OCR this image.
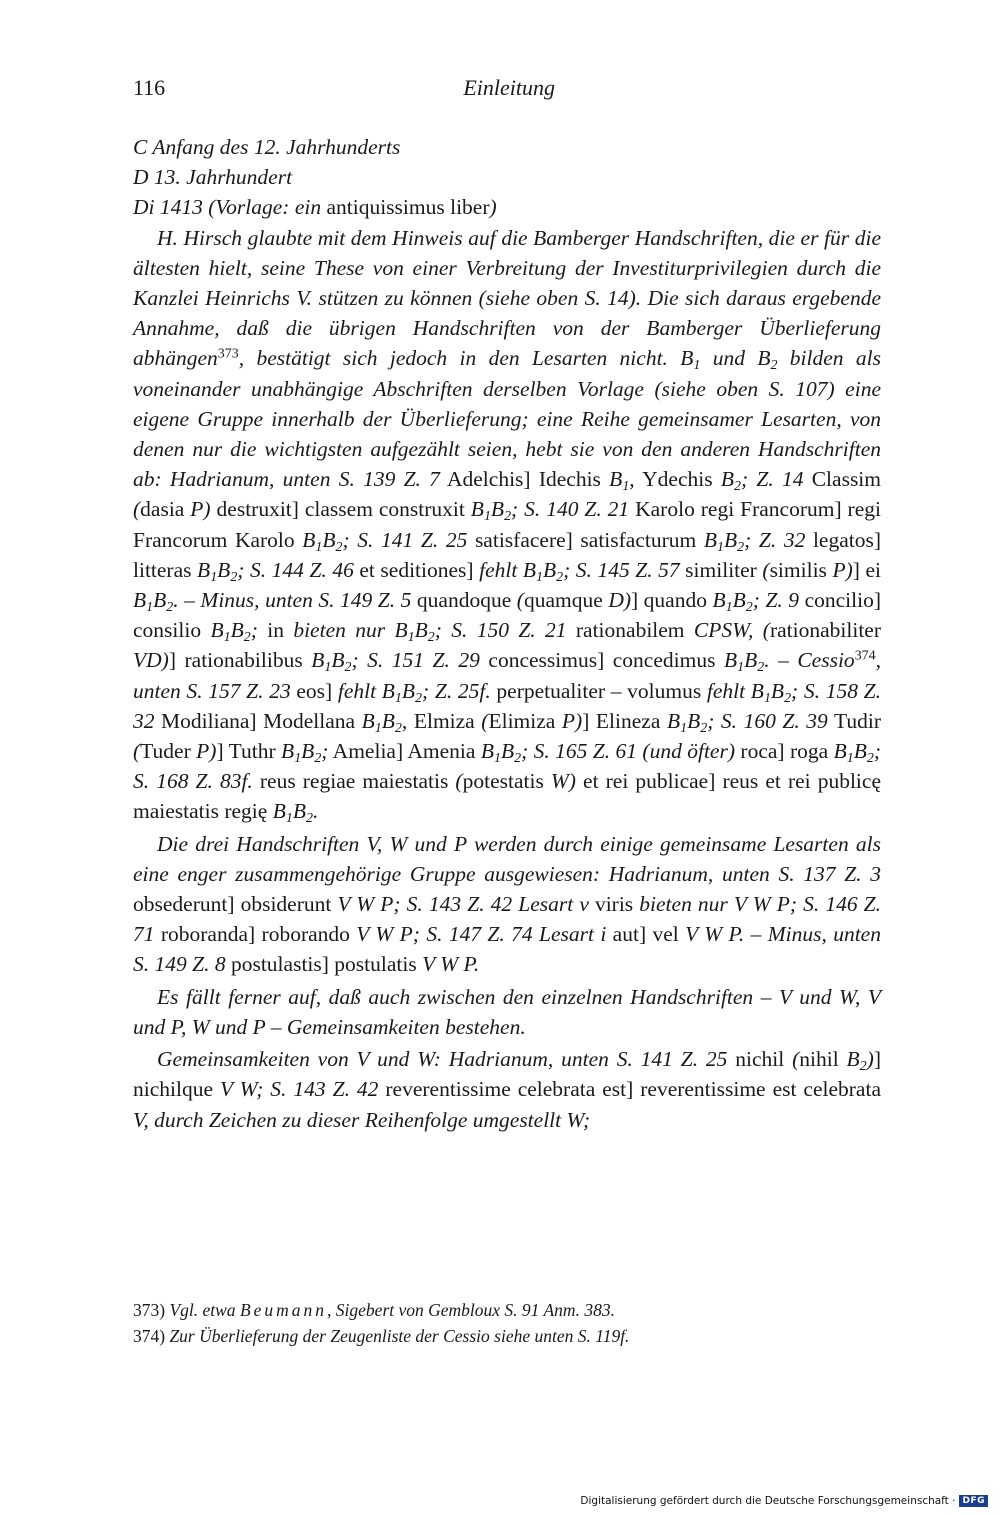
116	Einleitung

C Anfang des 12. Jahrhunderts

D 13. Jahrhundert

Di 1413 (Vorlage: ein antiquissimus liber)

H. Hirsch glaubte mit dem Hinweis auf die Bamberger Handschriften, die er für die ältesten hielt, seine These von einer Verbreitung der Investiturprivilegien durch die Kanzlei Heinrichs V. stützen zu können (siehe oben S. 14). Die sich daraus ergebende Annahme, daß die übrigen Handschriften von der Bamberger Überlieferung abhängen$^{373}$, bestätigt sich jedoch in den Lesarten nicht. $B_1$ und $B_2$ bilden als voneinander unabhängige Abschriften derselben Vorlage (siehe oben S. 107) eine eigene Gruppe innerhalb der Überlieferung; eine Reihe gemeinsamer Lesarten, von denen nur die wichtigsten aufgezählt seien, hebt sie von den anderen Handschriften ab: Hadrianum, unten S. 139 Z. 7 Adelchis] Idechis $B_1$, Ydechis $B_2$; Z. 14 Classim (dasia P) destruxit] classem construxit $B_1B_2$; S. 140 Z. 21 Karolo regi Francorum] regi Francorum Karolo $B_1B_2$; S. 141 Z. 25 satisfacere] satisfacturum $B_1B_2$; Z. 32 legatos] litteras $B_1B_2$; S. 144 Z. 46 et seditiones] fehlt $B_1B_2$; S. 145 Z. 57 similiter (similis P)] ei $B_1B_2$. – Minus, unten S. 149 Z. 5 quandoque (quamque D)] quando $B_1B_2$; Z. 9 concilio] consilio $B_1B_2$; in bieten nur $B_1B_2$; S. 150 Z. 21 rationabilem CPSW, (rationabiliter VD)] rationabilibus $B_1B_2$; S. 151 Z. 29 concessimus] concedimus $B_1B_2$. – Cessio$^{374}$, unten S. 157 Z. 23 eos] fehlt $B_1B_2$; Z. 25f. perpetualiter – volumus fehlt $B_1B_2$; S. 158 Z. 32 Modiliana] Modellana $B_1B_2$, Elmiza (Elimiza P)] Elineza $B_1B_2$; S. 160 Z. 39 Tudir (Tuder P)] Tuthr $B_1B_2$; Amelia] Amenia $B_1B_2$; S. 165 Z. 61 (und öfter) roca] roga $B_1B_2$; S. 168 Z. 83f. reus regiae maiestatis (potestatis W) et rei publicae] reus et rei publicę maiestatis regię $B_1B_2$.

Die drei Handschriften V, W und P werden durch einige gemeinsame Lesarten als eine enger zusammengehörige Gruppe ausgewiesen: Hadrianum, unten S. 137 Z. 3 obsederunt] obsiderunt V W P; S. 143 Z. 42 Lesart v viris bieten nur V W P; S. 146 Z. 71 roboranda] roborando V W P; S. 147 Z. 74 Lesart i aut] vel V W P. – Minus, unten S. 149 Z. 8 postulastis] postulatis V W P.

Es fällt ferner auf, daß auch zwischen den einzelnen Handschriften – V und W, V und P, W und P – Gemeinsamkeiten bestehen.

Gemeinsamkeiten von V und W: Hadrianum, unten S. 141 Z. 25 nichil (nihil $B_2$)] nichilque V W; S. 143 Z. 42 reverentissime celebrata est] reverentissime est celebrata V, durch Zeichen zu dieser Reihenfolge umgestellt W;

373) Vgl. etwa Beumann, Sigebert von Gembloux S. 91 Anm. 383.

374) Zur Überlieferung der Zeugenliste der Cessio siehe unten S. 119f.

Digitalisierung gefördert durch die Deutsche Forschungsgemeinschaft · DFG
